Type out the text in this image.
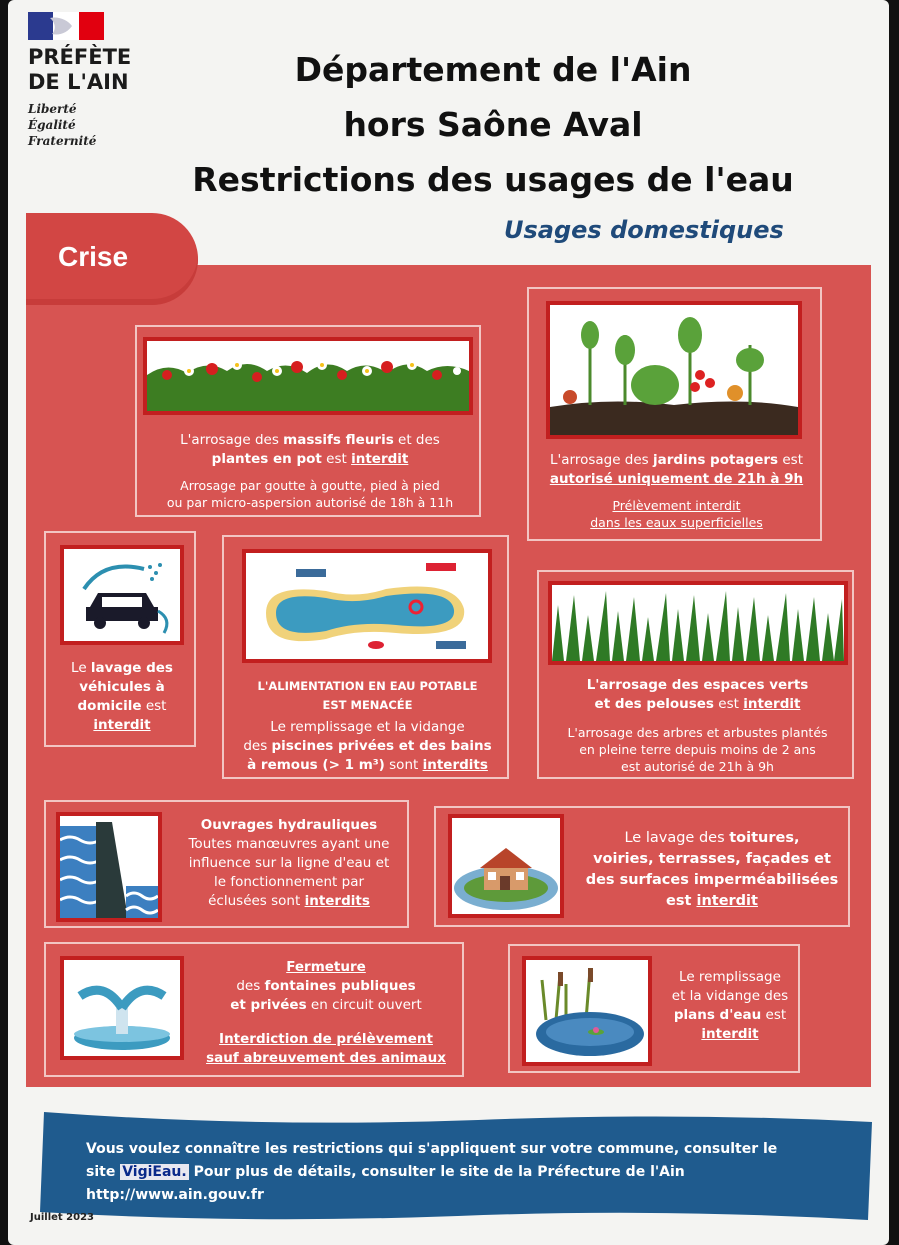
PRÉFÈTE
DE L'AIN
Liberté
Égalité
Fraternité
Département de l'Ain
hors Saône Aval
Restrictions des usages de l'eau
Crise
Usages domestiques
L'arrosage des massifs fleuris et des
plantes en pot est interdit
Arrosage par goutte à goutte, pied à pied
ou par micro-aspersion autorisé de 18h à 11h
L'arrosage des jardins potagers est
autorisé uniquement de 21h à 9h
Prélèvement interdit
dans les eaux superficielles
Le lavage des
véhicules à
domicile est
interdit
L'ALIMENTATION EN EAU POTABLE
EST MENACÉE
Le remplissage et la vidange
des piscines privées et des bains
à remous (> 1 m³) sont interdits
L'arrosage des espaces verts
et des pelouses est interdit
L'arrosage des arbres et arbustes plantés
en pleine terre depuis moins de 2 ans
est autorisé de 21h à 9h
Ouvrages hydrauliques
Toutes manœuvres ayant une
influence sur la ligne d'eau et
le fonctionnement par
éclusées sont interdits
Le lavage des toitures,
voiries, terrasses, façades et
des surfaces imperméabilisées
est interdit
Fermeture
des fontaines publiques
et privées en circuit ouvert
Interdiction de prélèvement
sauf abreuvement des animaux
Le remplissage
et la vidange des
plans d'eau est
interdit
Vous voulez connaître les restrictions qui s'appliquent sur votre commune, consulter le
site VigiEau. Pour plus de détails, consulter le site de la Préfecture de l'Ain
http://www.ain.gouv.fr
Juillet 2023
